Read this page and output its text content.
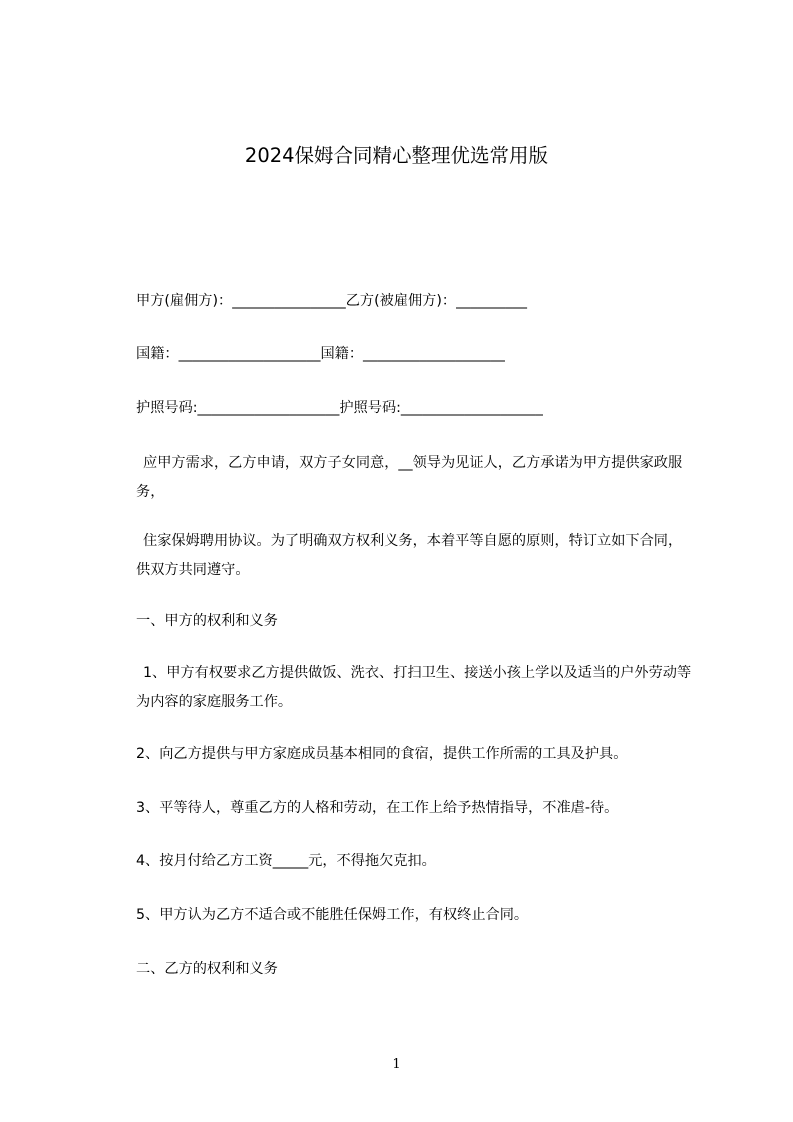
2024保姆合同精心整理优选常用版
甲方(雇佣方)：________________乙方(被雇佣方)：__________
国籍：____________________国籍：____________________
护照号码:____________________护照号码:____________________
应甲方需求，乙方申请，双方子女同意，__领导为见证人，乙方承诺为甲方提供家政服务，
住家保姆聘用协议。为了明确双方权利义务，本着平等自愿的原则，特订立如下合同，供双方共同遵守。
一、甲方的权利和义务
1、甲方有权要求乙方提供做饭、洗衣、打扫卫生、接送小孩上学以及适当的户外劳动等为内容的家庭服务工作。
2、向乙方提供与甲方家庭成员基本相同的食宿，提供工作所需的工具及护具。
3、平等待人，尊重乙方的人格和劳动，在工作上给予热情指导，不准虐-待。
4、按月付给乙方工资_____元，不得拖欠克扣。
5、甲方认为乙方不适合或不能胜任保姆工作，有权终止合同。
二、乙方的权利和义务
1
